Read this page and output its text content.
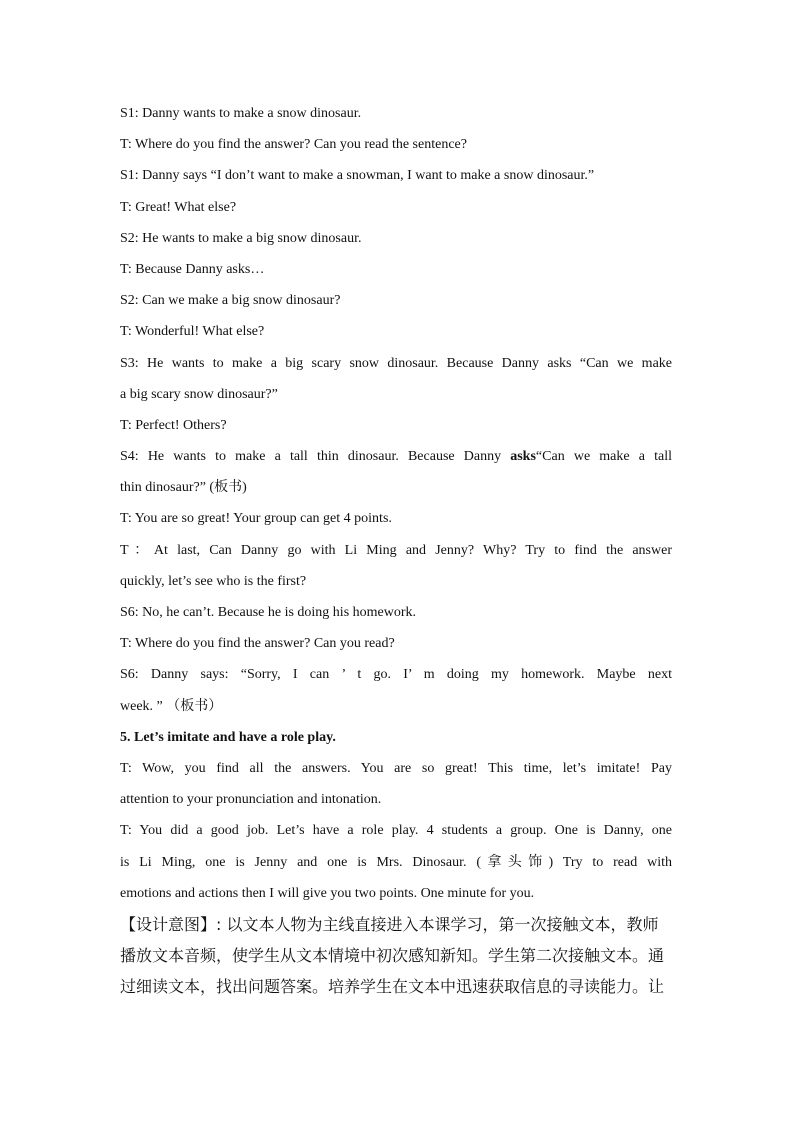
S1: Danny wants to make a snow dinosaur.
T: Where do you find the answer? Can you read the sentence?
S1: Danny says “I don’t want to make a snowman, I want to make a snow dinosaur.”
T: Great! What else?
S2: He wants to make a big snow dinosaur.
T: Because Danny asks…
S2: Can we make a big snow dinosaur?
T: Wonderful! What else?
S3: He wants to make a big scary snow dinosaur. Because Danny asks “Can we make
a big scary snow dinosaur?”
T: Perfect! Others?
S4: He wants to make a tall thin dinosaur. Because Danny asks“Can we make a tall
thin dinosaur?” (板书)
T: You are so great! Your group can get 4 points.
T：At last, Can Danny go with Li Ming and Jenny? Why? Try to find the answer
quickly, let’s see who is the first?
S6: No, he can’t. Because he is doing his homework.
T: Where do you find the answer? Can you read?
S6: Danny says: “Sorry, I can ’ t go. I’ m doing my homework. Maybe next
week. ” （板书）
5. Let’s imitate and have a role play.
T: Wow, you find all the answers. You are so great! This time, let’s imitate! Pay
attention to your pronunciation and intonation.
T: You did a good job. Let’s have a role play. 4 students a group. One is Danny, one
is Li Ming, one is Jenny and one is Mrs. Dinosaur. (拿头饰) Try to read with
emotions and actions then I will give you two points. One minute for you.
【设计意图】: 以文本人物为主线直接进入本课学习，第一次接触文本，教师
播放文本音频，使学生从文本情境中初次感知新知。学生第二次接触文本。通
过细读文本，找出问题答案。培养学生在文本中迅速获取信息的寻读能力。让
